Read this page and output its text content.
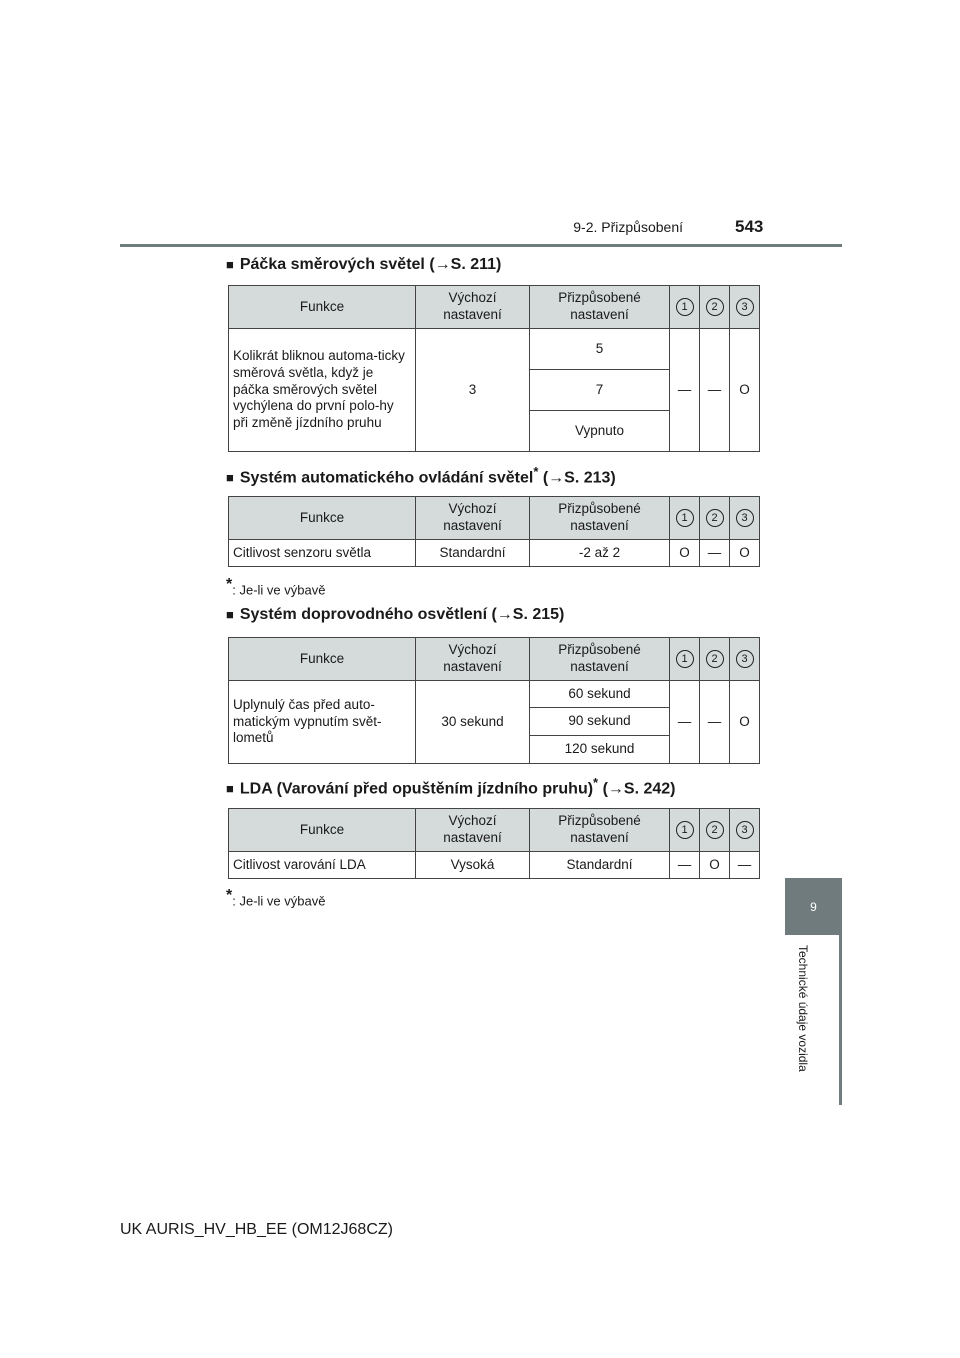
9-2. Přizpůsobení	543
9
Technické údaje vozidla
■ Páčka směrových světel (→S. 211)
Funkce	Výchozí nastavení	Přizpůsobené nastavení	1	2	3
Kolikrát bliknou automa-ticky směrová světla, když je páčka směrových světel vychýlena do první polo-hy při změně jízdního pruhu	3	5	—	—	O
		7			
		Vypnuto			
■ Systém automatického ovládání světel* (→S. 213)
Funkce	Výchozí nastavení	Přizpůsobené nastavení	1	2	3
Citlivost senzoru světla	Standardní	-2 až 2	O	—	O
*: Je-li ve výbavě
■ Systém doprovodného osvětlení (→S. 215)
Funkce	Výchozí nastavení	Přizpůsobené nastavení	1	2	3
Uplynulý čas před auto-matickým vypnutím svět-lometů	30 sekund	60 sekund	—	—	O
		90 sekund			
		120 sekund			
■ LDA (Varování před opuštěním jízdního pruhu)* (→S. 242)
Funkce	Výchozí nastavení	Přizpůsobené nastavení	1	2	3
Citlivost varování LDA	Vysoká	Standardní	—	O	—
*: Je-li ve výbavě
UK AURIS_HV_HB_EE (OM12J68CZ)
